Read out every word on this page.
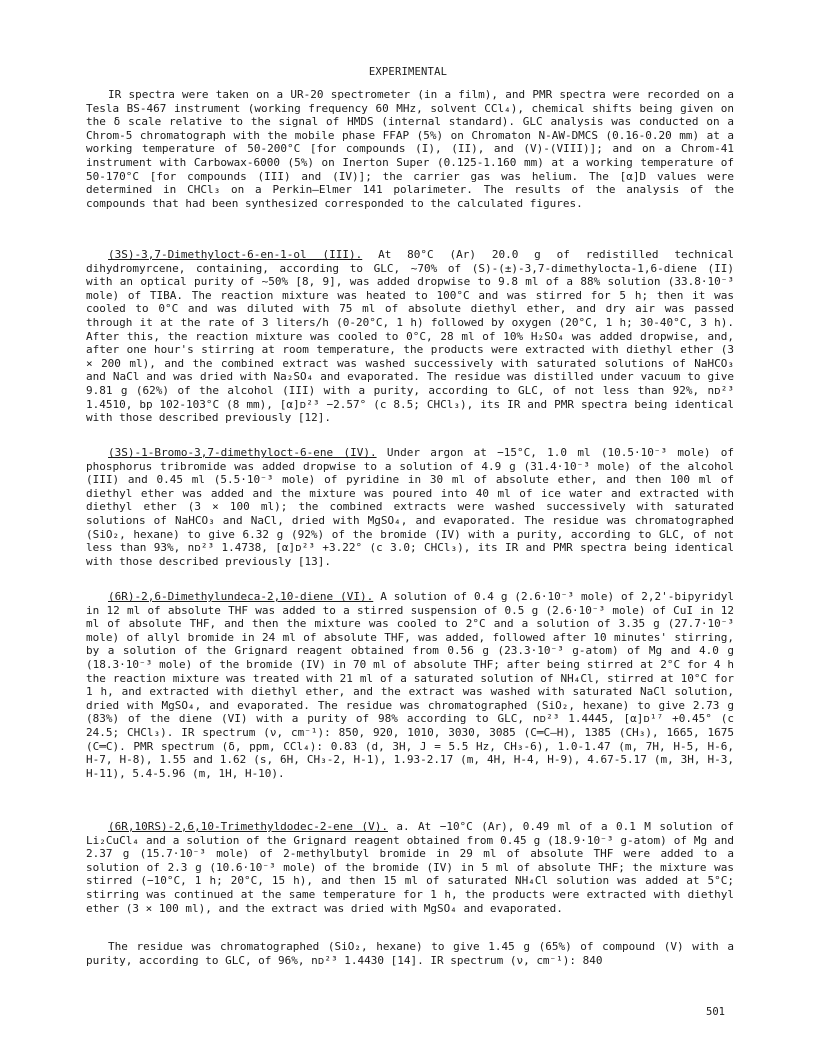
EXPERIMENTAL

IR spectra were taken on a UR-20 spectrometer (in a film), and PMR spectra were recorded on a Tesla BS-467 instrument (working frequency 60 MHz, solvent CCl₄), chemical shifts being given on the δ scale relative to the signal of HMDS (internal standard). GLC analysis was conducted on a Chrom-5 chromatograph with the mobile phase FFAP (5%) on Chromaton N-AW-DMCS (0.16-0.20 mm) at a working temperature of 50-200°C [for compounds (I), (II), and (V)-(VIII)]; and on a Chrom-41 instrument with Carbowax-6000 (5%) on Inerton Super (0.125-1.160 mm) at a working temperature of 50-170°C [for compounds (III) and (IV)]; the carrier gas was helium. The [α]D values were determined in CHCl₃ on a Perkin—Elmer 141 polarimeter. The results of the analysis of the compounds that had been synthesized corresponded to the calculated figures.

(3S)-3,7-Dimethyloct-6-en-1-ol (III). At 80°C (Ar) 20.0 g of redistilled technical dihydromyrcene, containing, according to GLC, ~70% of (S)-(±)-3,7-dimethylocta-1,6-diene (II) with an optical purity of ~50% [8, 9], was added dropwise to 9.8 ml of a 88% solution (33.8·10⁻³ mole) of TIBA. The reaction mixture was heated to 100°C and was stirred for 5 h; then it was cooled to 0°C and was diluted with 75 ml of absolute diethyl ether, and dry air was passed through it at the rate of 3 liters/h (0-20°C, 1 h) followed by oxygen (20°C, 1 h; 30-40°C, 3 h). After this, the reaction mixture was cooled to 0°C, 28 ml of 10% H₂SO₄ was added dropwise, and, after one hour's stirring at room temperature, the products were extracted with diethyl ether (3 × 200 ml), and the combined extract was washed successively with saturated solutions of NaHCO₃ and NaCl and was dried with Na₂SO₄ and evaporated. The residue was distilled under vacuum to give 9.81 g (62%) of the alcohol (III) with a purity, according to GLC, of not less than 92%, nᴅ²³ 1.4510, bp 102-103°C (8 mm), [α]ᴅ²³ −2.57° (c 8.5; CHCl₃), its IR and PMR spectra being identical with those described previously [12].

(3S)-1-Bromo-3,7-dimethyloct-6-ene (IV). Under argon at −15°C, 1.0 ml (10.5·10⁻³ mole) of phosphorus tribromide was added dropwise to a solution of 4.9 g (31.4·10⁻³ mole) of the alcohol (III) and 0.45 ml (5.5·10⁻³ mole) of pyridine in 30 ml of absolute ether, and then 100 ml of diethyl ether was added and the mixture was poured into 40 ml of ice water and extracted with diethyl ether (3 × 100 ml); the combined extracts were washed successively with saturated solutions of NaHCO₃ and NaCl, dried with MgSO₄, and evaporated. The residue was chromatographed (SiO₂, hexane) to give 6.32 g (92%) of the bromide (IV) with a purity, according to GLC, of not less than 93%, nᴅ²³ 1.4738, [α]ᴅ²³ +3.22° (c 3.0; CHCl₃), its IR and PMR spectra being identical with those described previously [13].

(6R)-2,6-Dimethylundeca-2,10-diene (VI). A solution of 0.4 g (2.6·10⁻³ mole) of 2,2'-bipyridyl in 12 ml of absolute THF was added to a stirred suspension of 0.5 g (2.6·10⁻³ mole) of CuI in 12 ml of absolute THF, and then the mixture was cooled to 2°C and a solution of 3.35 g (27.7·10⁻³ mole) of allyl bromide in 24 ml of absolute THF, was added, followed after 10 minutes' stirring, by a solution of the Grignard reagent obtained from 0.56 g (23.3·10⁻³ g-atom) of Mg and 4.0 g (18.3·10⁻³ mole) of the bromide (IV) in 70 ml of absolute THF; after being stirred at 2°C for 4 h the reaction mixture was treated with 21 ml of a saturated solution of NH₄Cl, stirred at 10°C for 1 h, and extracted with diethyl ether, and the extract was washed with saturated NaCl solution, dried with MgSO₄, and evaporated. The residue was chromatographed (SiO₂, hexane) to give 2.73 g (83%) of the diene (VI) with a purity of 98% according to GLC, nᴅ²³ 1.4445, [α]ᴅ¹⁷ +0.45° (c 24.5; CHCl₃). IR spectrum (ν, cm⁻¹): 850, 920, 1010, 3030, 3085 (C═C–H), 1385 (CH₃), 1665, 1675 (C═C). PMR spectrum (δ, ppm, CCl₄): 0.83 (d, 3H, J = 5.5 Hz, CH₃-6), 1.0-1.47 (m, 7H, H-5, H-6, H-7, H-8), 1.55 and 1.62 (s, 6H, CH₃-2, H-1), 1.93-2.17 (m, 4H, H-4, H-9), 4.67-5.17 (m, 3H, H-3, H-11), 5.4-5.96 (m, 1H, H-10).

(6R,10RS)-2,6,10-Trimethyldodec-2-ene (V). a. At −10°C (Ar), 0.49 ml of a 0.1 M solution of Li₂CuCl₄ and a solution of the Grignard reagent obtained from 0.45 g (18.9·10⁻³ g-atom) of Mg and 2.37 g (15.7·10⁻³ mole) of 2-methylbutyl bromide in 29 ml of absolute THF were added to a solution of 2.3 g (10.6·10⁻³ mole) of the bromide (IV) in 5 ml of absolute THF; the mixture was stirred (−10°C, 1 h; 20°C, 15 h), and then 15 ml of saturated NH₄Cl solution was added at 5°C; stirring was continued at the same temperature for 1 h, the products were extracted with diethyl ether (3 × 100 ml), and the extract was dried with MgSO₄ and evaporated.

The residue was chromatographed (SiO₂, hexane) to give 1.45 g (65%) of compound (V) with a purity, according to GLC, of 96%, nᴅ²³ 1.4430 [14]. IR spectrum (ν, cm⁻¹): 840

501
